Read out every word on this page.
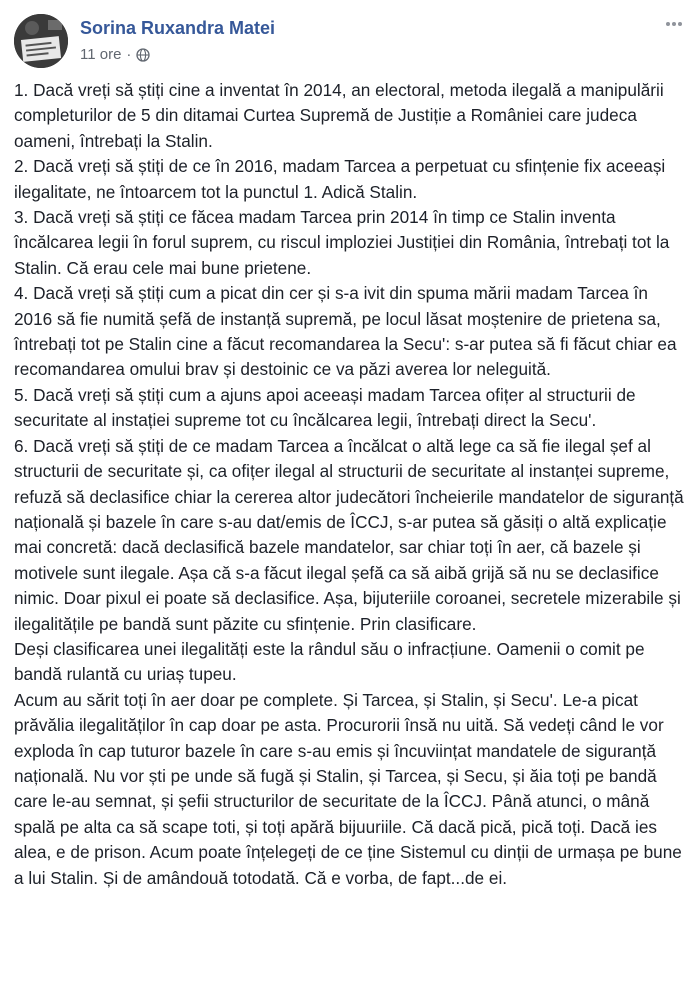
Sorina Ruxandra Matei
11 ore ·

1. Dacă vreți să știți cine a inventat în 2014, an electoral, metoda ilegală a manipulării completurilor de 5 din ditamai Curtea Supremă de Justiție a României care judeca oameni, întrebați la Stalin.

2. Dacă vreți să știți de ce în 2016, madam Tarcea a perpetuat cu sfințenie fix aceeași ilegalitate, ne întoarcem tot la punctul 1. Adică Stalin.

3. Dacă vreți să știți ce făcea madam Tarcea prin 2014 în timp ce Stalin inventa încălcarea legii în forul suprem, cu riscul imploziei Justiției din România, întrebați tot la Stalin. Că erau cele mai bune prietene.

4. Dacă vreți să știți cum a picat din cer și s-a ivit din spuma mării madam Tarcea în 2016 să fie numită șefă de instanță supremă, pe locul lăsat moștenire de prietena sa, întrebați tot pe Stalin cine a făcut recomandarea la Secu': s-ar putea să fi făcut chiar ea recomandarea omului brav și destoinic ce va păzi averea lor neleguită.

5. Dacă vreți să știți cum a ajuns apoi aceeași madam Tarcea ofițer al structurii de securitate al instației supreme tot cu încălcarea legii, întrebați direct la Secu'.

6. Dacă vreți să știți de ce madam Tarcea a încălcat o altă lege ca să fie ilegal șef al structurii de securitate și, ca ofițer ilegal al structurii de securitate al instanței supreme, refuză să declasifice chiar la cererea altor judecători încheierile mandatelor de siguranță națională și bazele în care s-au dat/emis de ÎCCJ, s-ar putea să găsiți o altă explicație mai concretă: dacă declasifică bazele mandatelor, sar chiar toți în aer, că bazele și motivele sunt ilegale. Așa că s-a făcut ilegal șefă ca să aibă grijă să nu se declasifice nimic. Doar pixul ei poate să declasifice. Așa, bijuteriile coroanei, secretele mizerabile și ilegalitățile pe bandă sunt păzite cu sfințenie. Prin clasificare.

Deși clasificarea unei ilegalități este la rândul său o infracțiune. Oamenii o comit pe bandă rulantă cu uriaș tupeu.

Acum au sărit toți în aer doar pe complete. Și Tarcea, și Stalin, și Secu'. Le-a picat prăvălia ilegalităților în cap doar pe asta. Procurorii însă nu uită. Să vedeți când le vor exploda în cap tuturor bazele în care s-au emis și încuviințat mandatele de siguranță națională. Nu vor ști pe unde să fugă și Stalin, și Tarcea, și Secu, și ăia toți pe bandă care le-au semnat, și șefii structurilor de securitate de la ÎCCJ. Până atunci, o mână spală pe alta ca să scape toti, și toți apără bijuuriile. Că dacă pică, pică toți. Dacă ies alea, e de prison. Acum poate înțelegeți de ce ține Sistemul cu dinții de urmașa pe bune a lui Stalin. Și de amândouă totodată. Că e vorba, de fapt...de ei.
